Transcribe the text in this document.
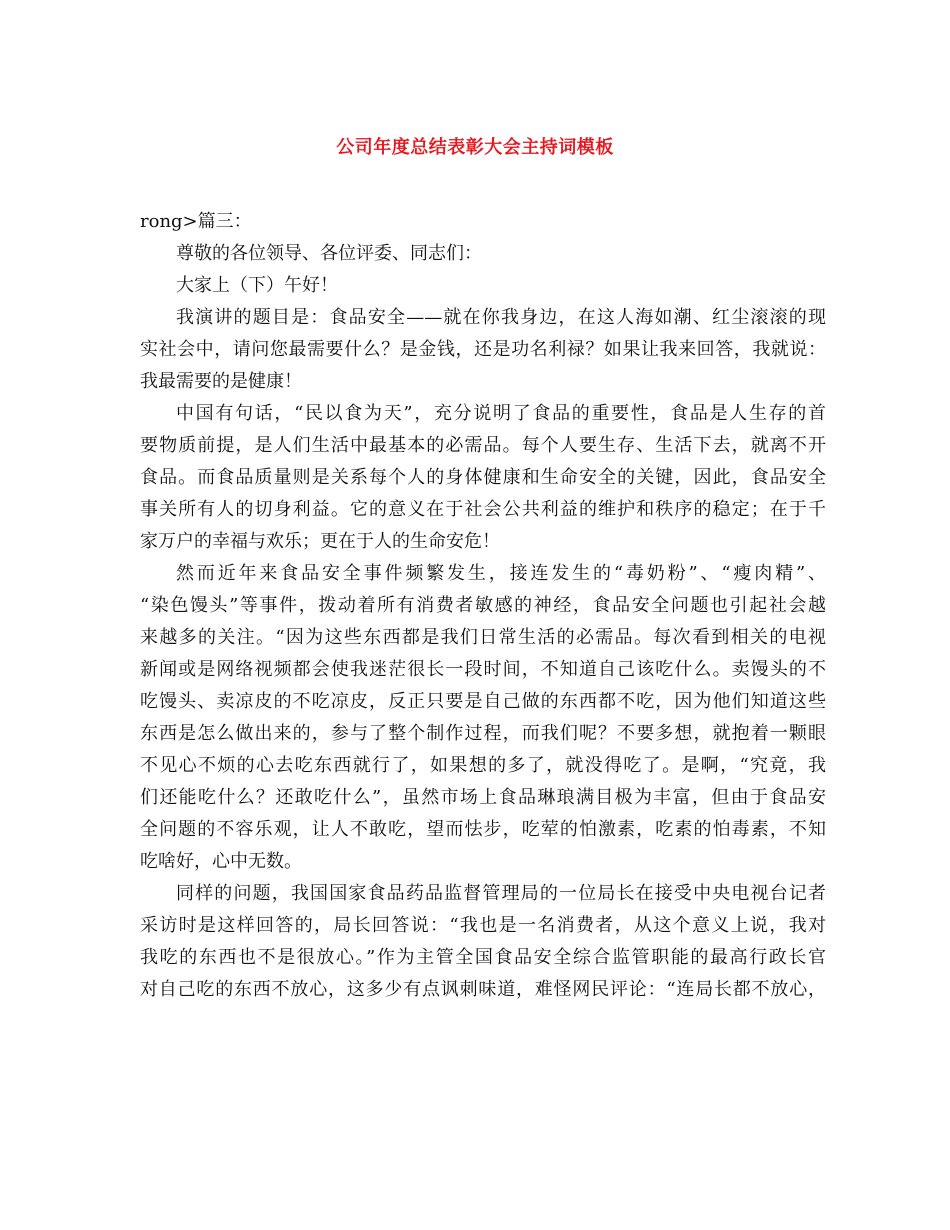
公司年度总结表彰大会主持词模板
rong>篇三：
尊敬的各位领导、各位评委、同志们：
大家上（下）午好！
我演讲的题目是：食品安全——就在你我身边，在这人海如潮、红尘滚滚的现
实社会中，请问您最需要什么？是金钱，还是功名利禄？如果让我来回答，我就说：
我最需要的是健康！
中国有句话，“民以食为天”，充分说明了食品的重要性，食品是人生存的首
要物质前提，是人们生活中最基本的必需品。每个人要生存、生活下去，就离不开
食品。而食品质量则是关系每个人的身体健康和生命安全的关键，因此，食品安全
事关所有人的切身利益。它的意义在于社会公共利益的维护和秩序的稳定；在于千
家万户的幸福与欢乐；更在于人的生命安危！
然而近年来食品安全事件频繁发生，接连发生的“毒奶粉”、“瘦肉精”、
“染色馒头”等事件，拨动着所有消费者敏感的神经，食品安全问题也引起社会越
来越多的关注。“因为这些东西都是我们日常生活的必需品。每次看到相关的电视
新闻或是网络视频都会使我迷茫很长一段时间，不知道自己该吃什么。卖馒头的不
吃馒头、卖凉皮的不吃凉皮，反正只要是自己做的东西都不吃，因为他们知道这些
东西是怎么做出来的，参与了整个制作过程，而我们呢？不要多想，就抱着一颗眼
不见心不烦的心去吃东西就行了，如果想的多了，就没得吃了。是啊，“究竟，我
们还能吃什么？还敢吃什么”，虽然市场上食品琳琅满目极为丰富，但由于食品安
全问题的不容乐观，让人不敢吃，望而怯步，吃荤的怕激素，吃素的怕毒素，不知
吃啥好，心中无数。
同样的问题，我国国家食品药品监督管理局的一位局长在接受中央电视台记者
采访时是这样回答的，局长回答说：“我也是一名消费者，从这个意义上说，我对
我吃的东西也不是很放心。”作为主管全国食品安全综合监管职能的最高行政长官
对自己吃的东西不放心，这多少有点讽刺味道，难怪网民评论：“连局长都不放心，
